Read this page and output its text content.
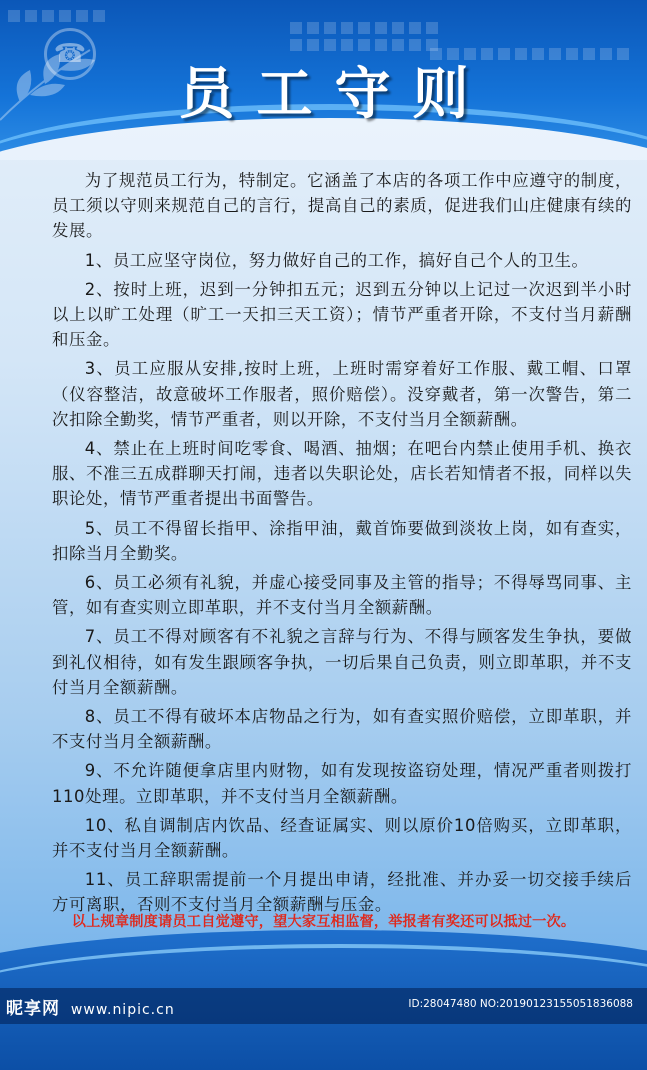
☎
员工守则

为了规范员工行为，特制定。它涵盖了本店的各项工作中应遵守的制度，员工须以守则来规范自己的言行，提高自己的素质，促进我们山庄健康有续的发展。

1、员工应坚守岗位，努力做好自己的工作，搞好自己个人的卫生。

2、按时上班，迟到一分钟扣五元；迟到五分钟以上记过一次迟到半小时以上以旷工处理（旷工一天扣三天工资）；情节严重者开除，不支付当月薪酬和压金。

3、员工应服从安排,按时上班，上班时需穿着好工作服、戴工帽、口罩（仪容整洁，故意破坏工作服者，照价赔偿）。没穿戴者，第一次警告，第二次扣除全勤奖，情节严重者，则以开除，不支付当月全额薪酬。

4、禁止在上班时间吃零食、喝酒、抽烟；在吧台内禁止使用手机、换衣服、不准三五成群聊天打闹，违者以失职论处，店长若知情者不报，同样以失职论处，情节严重者提出书面警告。

5、员工不得留长指甲、涂指甲油，戴首饰要做到淡妆上岗，如有查实，扣除当月全勤奖。

6、员工必须有礼貌，并虚心接受同事及主管的指导；不得辱骂同事、主管，如有查实则立即革职，并不支付当月全额薪酬。

7、员工不得对顾客有不礼貌之言辞与行为、不得与顾客发生争执，要做到礼仪相待，如有发生跟顾客争执，一切后果自己负责，则立即革职，并不支付当月全额薪酬。

8、员工不得有破坏本店物品之行为，如有查实照价赔偿，立即革职，并不支付当月全额薪酬。

9、不允许随便拿店里内财物，如有发现按盗窃处理，情况严重者则拨打110处理。立即革职，并不支付当月全额薪酬。

10、私自调制店内饮品、经查证属实、则以原价10倍购买，立即革职，并不支付当月全额薪酬。

11、员工辞职需提前一个月提出申请，经批准、并办妥一切交接手续后方可离职，否则不支付当月全额薪酬与压金。

以上规章制度请员工自觉遵守，望大家互相监督，举报者有奖还可以抵过一次。
昵享网 www.nipic.cn	ID:28047480 NO:20190123155051836088
